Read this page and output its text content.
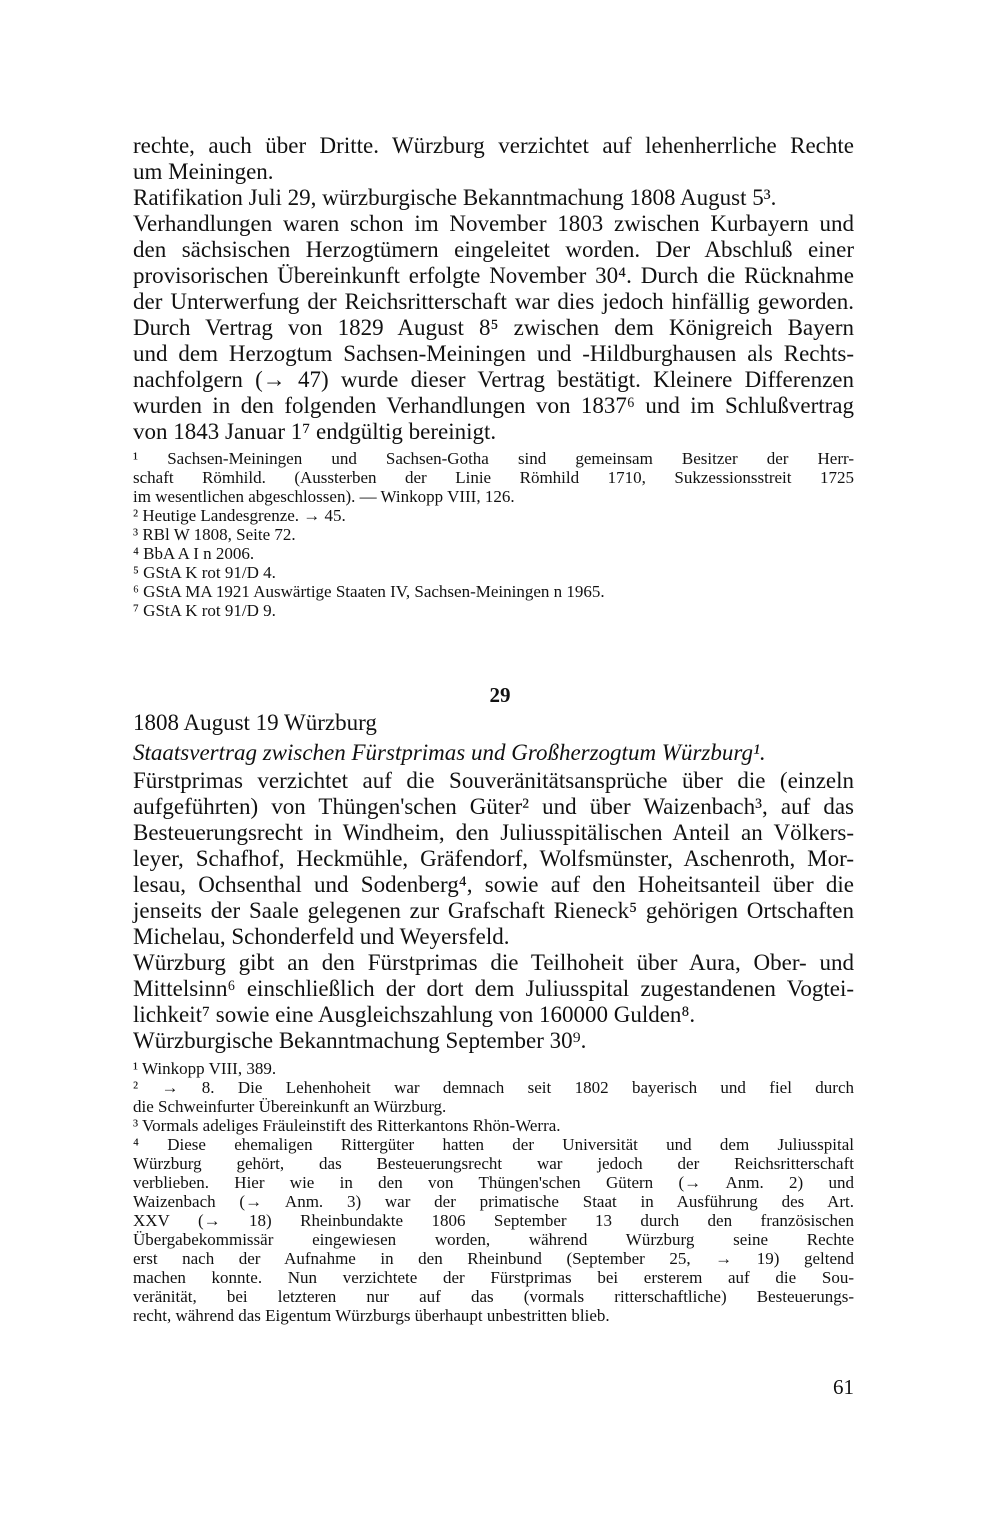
rechte, auch über Dritte. Würzburg verzichtet auf lehenherrliche Rechte
um Meiningen.
Ratifikation Juli 29, würzburgische Bekanntmachung 1808 August 5³.
Verhandlungen waren schon im November 1803 zwischen Kurbayern und
den sächsischen Herzogtümern eingeleitet worden. Der Abschluß einer
provisorischen Übereinkunft erfolgte November 30⁴. Durch die Rücknahme
der Unterwerfung der Reichsritterschaft war dies jedoch hinfällig geworden.
Durch Vertrag von 1829 August 8⁵ zwischen dem Königreich Bayern
und dem Herzogtum Sachsen-Meiningen und -Hildburghausen als Rechts-
nachfolgern (→ 47) wurde dieser Vertrag bestätigt. Kleinere Differenzen
wurden in den folgenden Verhandlungen von 1837⁶ und im Schlußvertrag
von 1843 Januar 1⁷ endgültig bereinigt.
¹ Sachsen-Meiningen und Sachsen-Gotha sind gemeinsam Besitzer der Herr-
schaft Römhild. (Aussterben der Linie Römhild 1710, Sukzessionsstreit 1725
im wesentlichen abgeschlossen). — Winkopp VIII, 126.
² Heutige Landesgrenze. → 45.
³ RBl W 1808, Seite 72.
⁴ BbA A I n 2006.
⁵ GStA K rot 91/D 4.
⁶ GStA MA 1921 Auswärtige Staaten IV, Sachsen-Meiningen n 1965.
⁷ GStA K rot 91/D 9.
29
1808 August 19 Würzburg
Staatsvertrag zwischen Fürstprimas und Großherzogtum Würzburg¹.
Fürstprimas verzichtet auf die Souveränitätsansprüche über die (einzeln
aufgeführten) von Thüngen'schen Güter² und über Waizenbach³, auf das
Besteuerungsrecht in Windheim, den Juliusspitälischen Anteil an Völkers-
leyer, Schafhof, Heckmühle, Gräfendorf, Wolfsmünster, Aschenroth, Mor-
lesau, Ochsenthal und Sodenberg⁴, sowie auf den Hoheitsanteil über die
jenseits der Saale gelegenen zur Grafschaft Rieneck⁵ gehörigen Ortschaften
Michelau, Schonderfeld und Weyersfeld.
Würzburg gibt an den Fürstprimas die Teilhoheit über Aura, Ober- und
Mittelsinn⁶ einschließlich der dort dem Juliusspital zugestandenen Vogtei-
lichkeit⁷ sowie eine Ausgleichszahlung von 160000 Gulden⁸.
Würzburgische Bekanntmachung September 30⁹.
¹ Winkopp VIII, 389.
² → 8. Die Lehenhoheit war demnach seit 1802 bayerisch und fiel durch
die Schweinfurter Übereinkunft an Würzburg.
³ Vormals adeliges Fräuleinstift des Ritterkantons Rhön-Werra.
⁴ Diese ehemaligen Rittergüter hatten der Universität und dem Juliusspital
Würzburg gehört, das Besteuerungsrecht war jedoch der Reichsritterschaft
verblieben. Hier wie in den von Thüngen'schen Gütern (→ Anm. 2) und
Waizenbach (→ Anm. 3) war der primatische Staat in Ausführung des Art.
XXV (→ 18) Rheinbundakte 1806 September 13 durch den französischen
Übergabekommissär eingewiesen worden, während Würzburg seine Rechte
erst nach der Aufnahme in den Rheinbund (September 25, → 19) geltend
machen konnte. Nun verzichtete der Fürstprimas bei ersterem auf die Sou-
veränität, bei letzteren nur auf das (vormals ritterschaftliche) Besteuerungs-
recht, während das Eigentum Würzburgs überhaupt unbestritten blieb.
61
